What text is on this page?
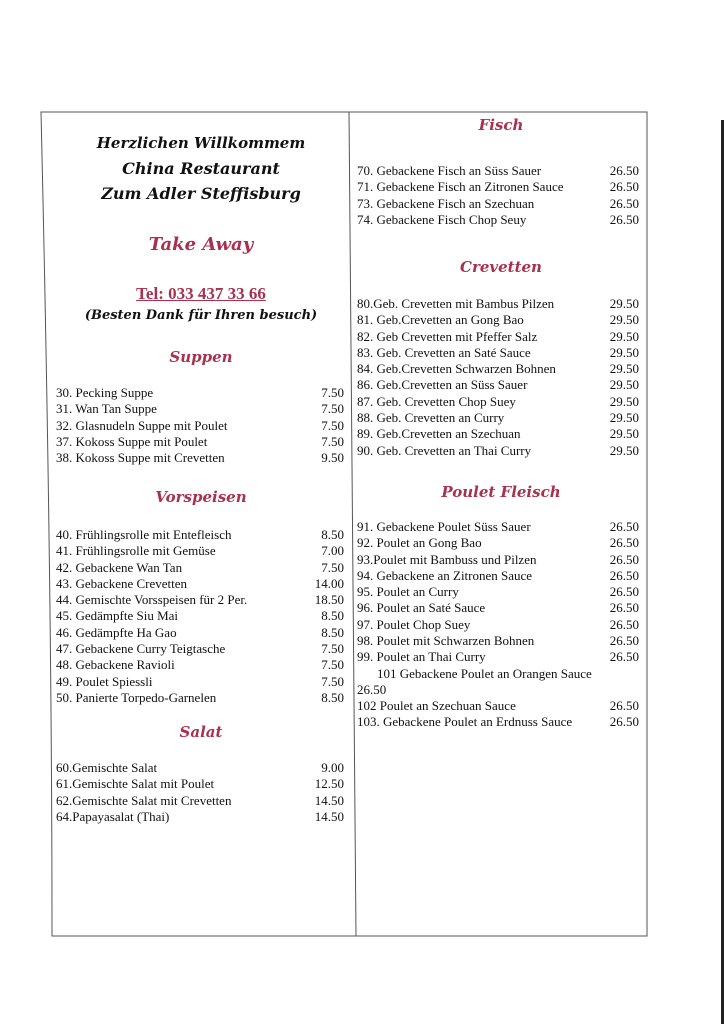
Herzlichen Willkommem
China Restaurant
Zum Adler Steffisburg
Take Away
Tel: 033 437 33 66
(Besten Dank für Ihren besuch)
Suppen
30. Pecking Suppe	7.50
31. Wan Tan Suppe	7.50
32. Glasnudeln Suppe mit Poulet	7.50
37. Kokoss Suppe mit Poulet	7.50
38. Kokoss Suppe mit Crevetten	9.50
Vorspeisen
40. Frühlingsrolle mit Entefleisch	8.50
41. Frühlingsrolle mit Gemüse	7.00
42. Gebackene Wan Tan	7.50
43. Gebackene Crevetten	14.00
44. Gemischte Vorsspeisen für 2 Per.	18.50
45. Gedämpfte Siu Mai	8.50
46. Gedämpfte Ha Gao	8.50
47. Gebackene Curry Teigtasche	7.50
48. Gebackene Ravioli	7.50
49. Poulet Spiessli	7.50
50. Panierte Torpedo-Garnelen	8.50
Salat
60.Gemischte Salat	9.00
61.Gemischte Salat mit Poulet	12.50
62.Gemischte Salat mit Crevetten	14.50
64.Papayasalat (Thai)	14.50
Fisch
70. Gebackene Fisch an Süss Sauer	26.50
71. Gebackene Fisch an Zitronen Sauce	26.50
73. Gebackene Fisch an Szechuan	26.50
74. Gebackene Fisch Chop Seuy	26.50
Crevetten
80.Geb. Crevetten mit Bambus Pilzen	29.50
81. Geb.Crevetten an Gong Bao	29.50
82. Geb Crevetten mit Pfeffer Salz	29.50
83. Geb. Crevetten an Saté Sauce	29.50
84. Geb.Crevetten Schwarzen Bohnen	29.50
86. Geb.Crevetten an Süss Sauer	29.50
87. Geb. Crevetten Chop Suey	29.50
88. Geb. Crevetten an Curry	29.50
89. Geb.Crevetten an Szechuan	29.50
90. Geb. Crevetten an Thai Curry	29.50
Poulet Fleisch
91. Gebackene Poulet Süss Sauer	26.50
92. Poulet an Gong Bao	26.50
93.Poulet mit Bambuss und Pilzen	26.50
94. Gebackene an Zitronen Sauce	26.50
95. Poulet an Curry	26.50
96. Poulet an Saté Sauce	26.50
97. Poulet Chop Suey	26.50
98. Poulet mit Schwarzen Bohnen	26.50
99. Poulet an Thai Curry	26.50
101 Gebackene Poulet an Orangen Sauce
26.50
102 Poulet an Szechuan Sauce	26.50
103. Gebackene Poulet an Erdnuss Sauce	26.50
